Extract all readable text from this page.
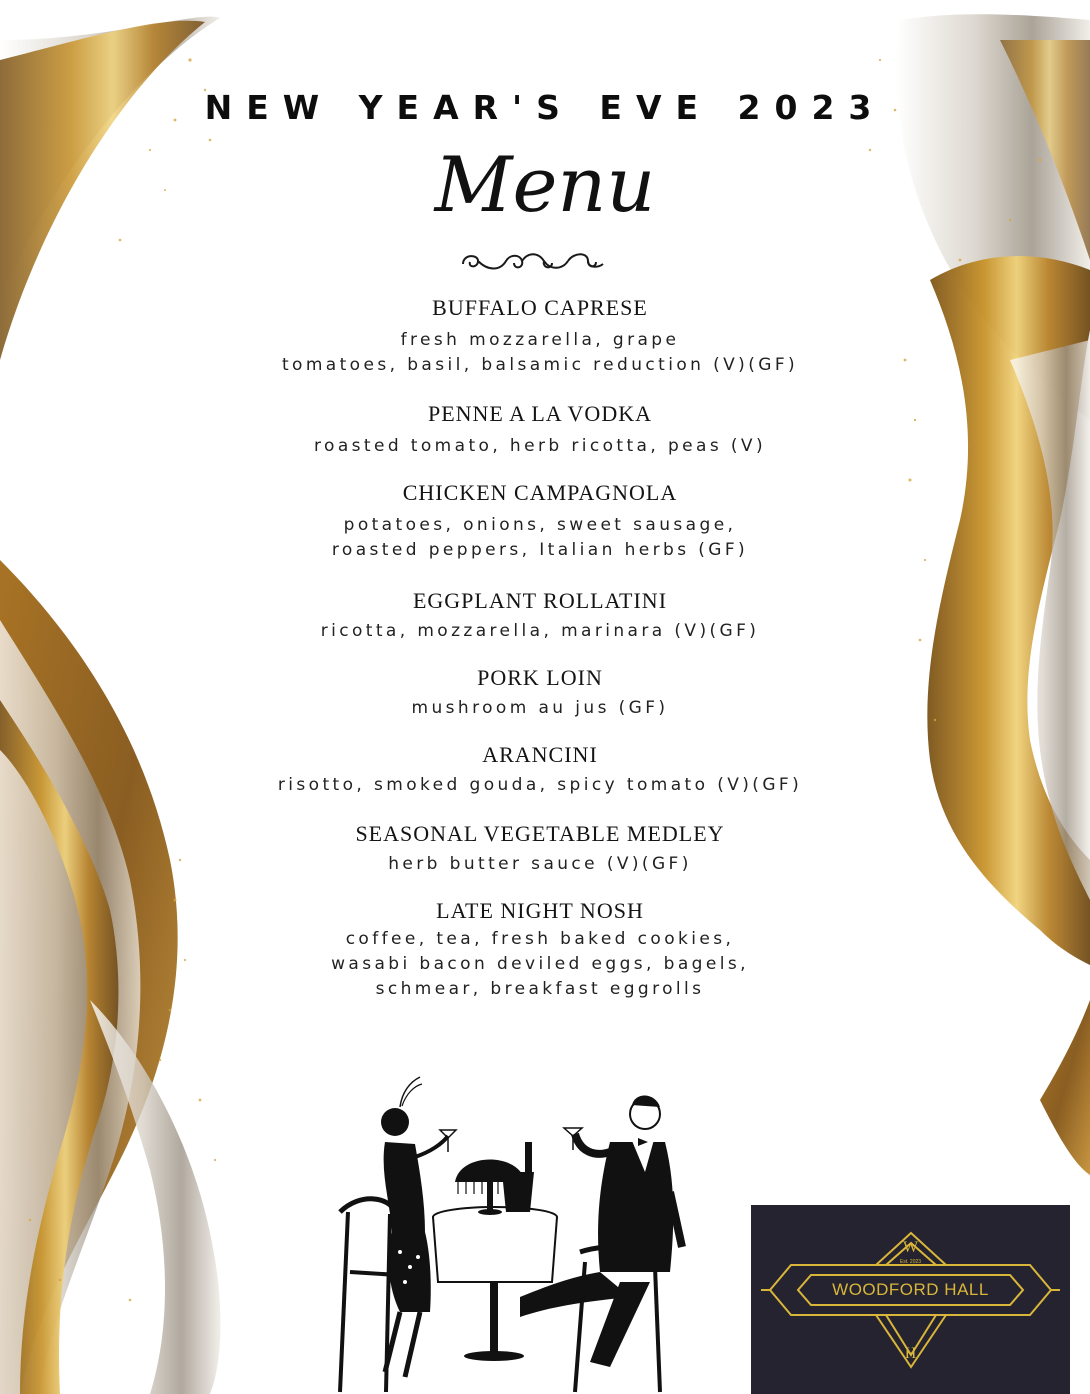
NEW YEAR'S EVE 2023
Menu
BUFFALO CAPRESE
fresh mozzarella, grape
tomatoes, basil, balsamic reduction (V)(GF)
PENNE A LA VODKA
roasted tomato, herb ricotta, peas (V)
CHICKEN CAMPAGNOLA
potatoes, onions, sweet sausage,
roasted peppers, Italian herbs (GF)
EGGPLANT ROLLATINI
ricotta, mozzarella, marinara (V)(GF)
PORK LOIN
mushroom au jus (GF)
ARANCINI
risotto, smoked gouda, spicy tomato (V)(GF)
SEASONAL VEGETABLE MEDLEY
herb butter sauce (V)(GF)
LATE NIGHT NOSH
coffee, tea, fresh baked cookies,
wasabi bacon deviled eggs, bagels,
schmear, breakfast eggrolls
W
Est. 2023
WOODFORD HALL
H
